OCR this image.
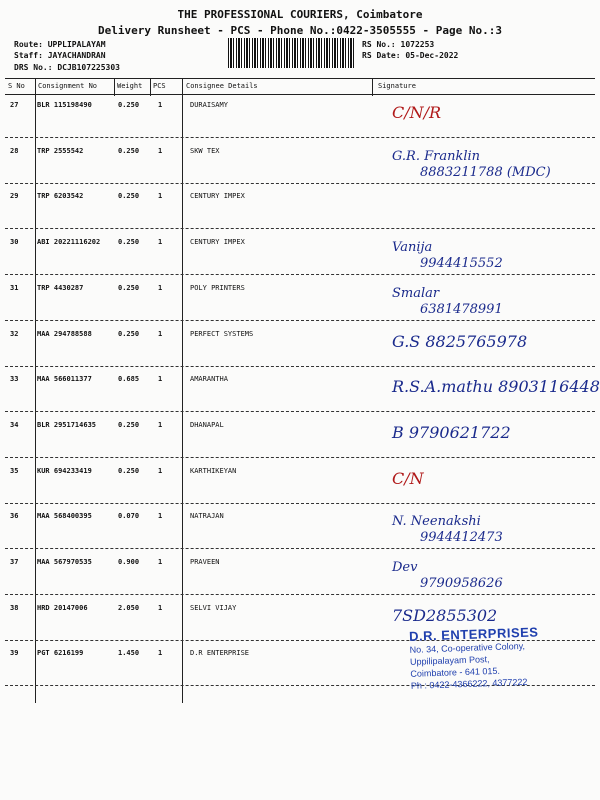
THE PROFESSIONAL COURIERS, Coimbatore
Delivery Runsheet - PCS - Phone No.:0422-3505555 - Page No.:3
Route: UPPLIPALAYAM
Staff: JAYACHANDRAN
DRS No.: DCJB107225303
RS No.: 1072253
RS Date: 05-Dec-2022
S No Consignment No	Weight PCS	Consignee Details	Signature
27	BLR 115198490	0.250	1	DURAISAMY	C/N/R
28	TRP 2555542	0.250	1	SKW TEX	G.R. Franklin
8883211788 (MDC)
29	TRP 6203542	0.250	1	CENTURY IMPEX
30	ABI 20221116202	0.250	1	CENTURY IMPEX	Vanija
9944415552
31	TRP 4430287	0.250	1	POLY PRINTERS	Smalar
6381478991
32	MAA 294788588	0.250	1	PERFECT SYSTEMS	G.S 8825765978
33	MAA 566011377	0.685	1	AMARANTHA	R.S.A.mathu 8903116448
34	BLR 2951714635	0.250	1	DHANAPAL	B 9790621722
35	KUR 694233419	0.250	1	KARTHIKEYAN	C/N
36	MAA 568400395	0.070	1	NATRAJAN	N. Neenakshi
9944412473
37	MAA 567970535	0.900	1	PRAVEEN	Dev
9790958626
38	HRD 20147006	2.050	1	SELVI VIJAY	7SD2855302
39	PGT 6216199	1.450	1	D.R ENTERPRISE
D.R. ENTERPRISES
No. 34, Co-operative Colony,
Uppilipalayam Post,
Coimbatore - 641 015.
Ph : 0422-4366222, 4377222
